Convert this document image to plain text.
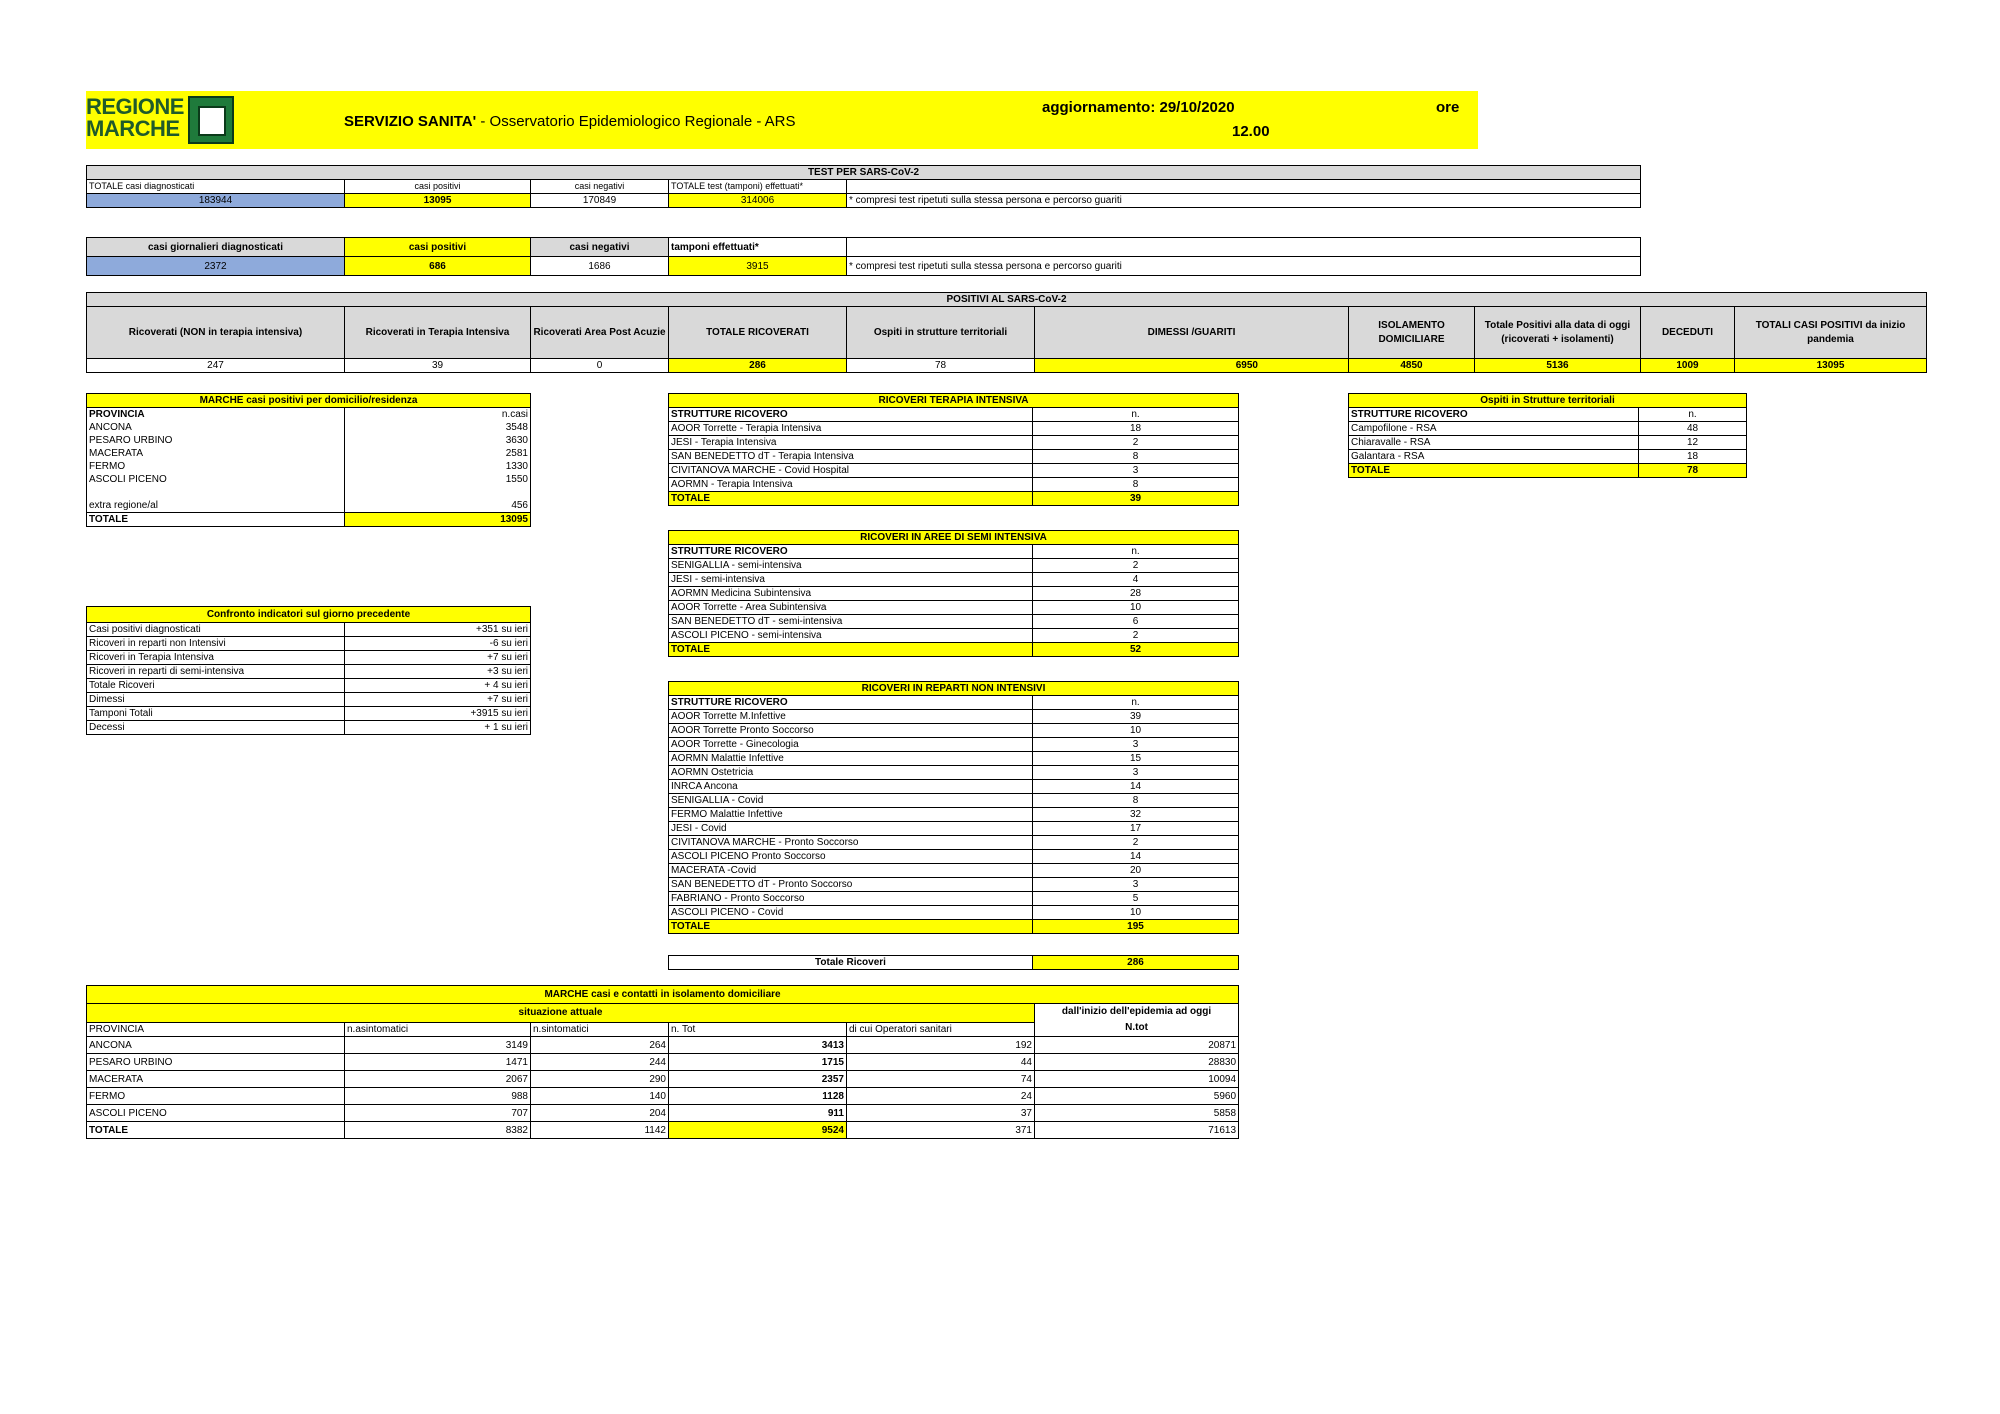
REGIONE
MARCHE	SERVIZIO SANITA' - Osservatorio Epidemiologico Regionale - ARS
aggiornamento: 29/10/2020	ore
12.00
TEST PER SARS-CoV-2				
TOTALE casi diagnosticati	casi positivi	casi negativi	TOTALE test (tamponi) effettuati*	
183944	13095	170849	314006	* compresi test ripetuti sulla stessa persona e percorso guariti
casi giornalieri diagnosticati	casi positivi	casi negativi	tamponi effettuati*	
2372	686	1686	3915	* compresi test ripetuti sulla stessa persona e percorso guariti
POSITIVI AL SARS-CoV-2									
Ricoverati (NON in terapia intensiva)	Ricoverati in Terapia Intensiva	Ricoverati Area Post Acuzie	TOTALE RICOVERATI	Ospiti in strutture territoriali	DIMESSI /GUARITI	ISOLAMENTO DOMICILIARE	Totale Positivi alla data di oggi (ricoverati + isolamenti)	DECEDUTI	TOTALI CASI POSITIVI da inizio pandemia
247	39	0	286	78	6950	4850	5136	1009	13095
MARCHE casi positivi per domicilio/residenza	
PROVINCIA	n.casi
ANCONA	3548
PESARO URBINO	3630
MACERATA	2581
FERMO	1330
ASCOLI PICENO	1550

extra regione/al	456
TOTALE	13095
Confronto indicatori sul giorno precedente	
Casi positivi diagnosticati	+351 su ieri
Ricoveri in reparti non Intensivi	-6 su ieri
Ricoveri in Terapia Intensiva	+7 su ieri
Ricoveri in reparti di semi-intensiva	+3 su ieri
Totale Ricoveri	+ 4 su ieri
Dimessi	+7 su ieri
Tamponi Totali	+3915 su ieri
Decessi	+ 1 su ieri
RICOVERI TERAPIA INTENSIVA	
STRUTTURE RICOVERO	n.
AOOR Torrette - Terapia Intensiva	18
JESI - Terapia Intensiva	2
SAN BENEDETTO dT - Terapia Intensiva	8
CIVITANOVA MARCHE - Covid Hospital	3
AORMN - Terapia Intensiva	8
TOTALE	39
RICOVERI IN AREE DI SEMI INTENSIVA	
STRUTTURE RICOVERO	n.
SENIGALLIA - semi-intensiva	2
JESI - semi-intensiva	4
AORMN Medicina Subintensiva	28
AOOR Torrette - Area Subintensiva	10
SAN BENEDETTO dT - semi-intensiva	6
ASCOLI PICENO - semi-intensiva	2
TOTALE	52
RICOVERI IN REPARTI NON INTENSIVI	
STRUTTURE RICOVERO	n.
AOOR Torrette M.Infettive	39
AOOR Torrette Pronto Soccorso	10
AOOR Torrette - Ginecologia	3
AORMN Malattie Infettive	15
AORMN Ostetricia	3
INRCA Ancona	14
SENIGALLIA - Covid	8
FERMO Malattie Infettive	32
JESI - Covid	17
CIVITANOVA MARCHE - Pronto Soccorso	2
ASCOLI PICENO Pronto Soccorso	14
MACERATA -Covid	20
SAN BENEDETTO dT - Pronto Soccorso	3
FABRIANO - Pronto Soccorso	5
ASCOLI PICENO - Covid	10
TOTALE	195
Totale Ricoveri	286
Ospiti in Strutture territoriali	
STRUTTURE RICOVERO	n.
Campofilone - RSA	48
Chiaravalle - RSA	12
Galantara - RSA	18
TOTALE	78
MARCHE casi e contatti in isolamento domiciliare					
situazione attuale					dall'inizio dell'epidemia ad oggi
N.tot
PROVINCIA	n.asintomatici	n.sintomatici	n. Tot	di cui Operatori sanitari	
ANCONA	3149	264	3413	192	20871
PESARO URBINO	1471	244	1715	44	28830
MACERATA	2067	290	2357	74	10094
FERMO	988	140	1128	24	5960
ASCOLI PICENO	707	204	911	37	5858
TOTALE	8382	1142	9524	371	71613
